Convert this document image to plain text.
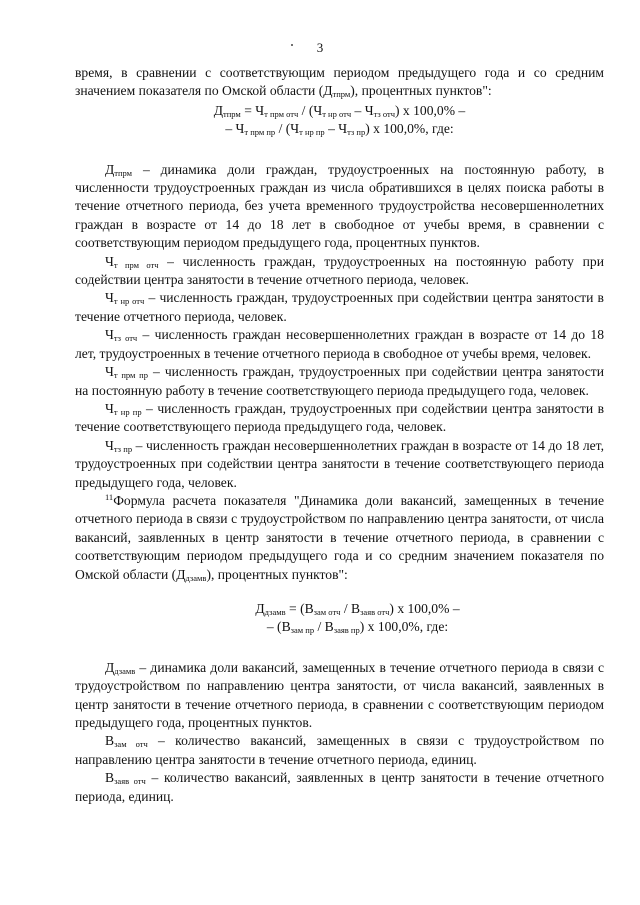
3

время, в сравнении с соответствующим периодом предыдущего года и со средним значением показателя по Омской области $(Д_{тпрм})$, процентных пунктов":

$Д_{тпрм} = Ч_{т прм отч} / (Ч_{т нр отч} - Ч_{тз отч})$ х 100,0% –

– $Ч_{т прм пр} / (Ч_{т нр пр} - Ч_{тз пр})$ х 100,0%, где:

$Д_{тпрм}$ – динамика доли граждан, трудоустроенных на постоянную работу, в численности трудоустроенных граждан из числа обратившихся в целях поиска работы в течение отчетного периода, без учета временного трудоустройства несовершеннолетних граждан в возрасте от 14 до 18 лет в свободное от учебы время, в сравнении с соответствующим периодом предыдущего года, процентных пунктов.

$Ч_{т прм отч}$ – численность граждан, трудоустроенных на постоянную работу при содействии центра занятости в течение отчетного периода, человек.

$Ч_{т нр отч}$ – численность граждан, трудоустроенных при содействии центра занятости в течение отчетного периода, человек.

$Ч_{тз отч}$ – численность граждан несовершеннолетних граждан в возрасте от 14 до 18 лет, трудоустроенных в течение отчетного периода в свободное от учебы время, человек.

$Ч_{т прм пр}$ – численность граждан, трудоустроенных при содействии центра занятости на постоянную работу в течение соответствующего периода предыдущего года, человек.

$Ч_{т нр пр}$ – численность граждан, трудоустроенных при содействии центра занятости в течение соответствующего периода предыдущего года, человек.

$Ч_{тз пр}$ – численность граждан несовершеннолетних граждан в возрасте от 14 до 18 лет, трудоустроенных при содействии центра занятости в течение соответствующего периода предыдущего года, человек.

$^{11}$Формула расчета показателя "Динамика доли вакансий, замещенных в течение отчетного периода в связи с трудоустройством по направлению центра занятости, от числа вакансий, заявленных в центр занятости в течение отчетного периода, в сравнении с соответствующим периодом предыдущего года и со средним значением показателя по Омской области $(Д_{дзамв})$, процентных пунктов":

$Д_{дзамв} = (В_{зам отч} / В_{заяв отч})$ х 100,0% –

– $(В_{зам пр} / В_{заяв пр})$ х 100,0%, где:

$Д_{дзамв}$ – динамика доли вакансий, замещенных в течение отчетного периода в связи с трудоустройством по направлению центра занятости, от числа вакансий, заявленных в центр занятости в течение отчетного периода, в сравнении с соответствующим периодом предыдущего года, процентных пунктов.

$В_{зам отч}$ – количество вакансий, замещенных в связи с трудоустройством по направлению центра занятости в течение отчетного периода, единиц.

$В_{заяв отч}$ – количество вакансий, заявленных в центр занятости в течение отчетного периода, единиц.
